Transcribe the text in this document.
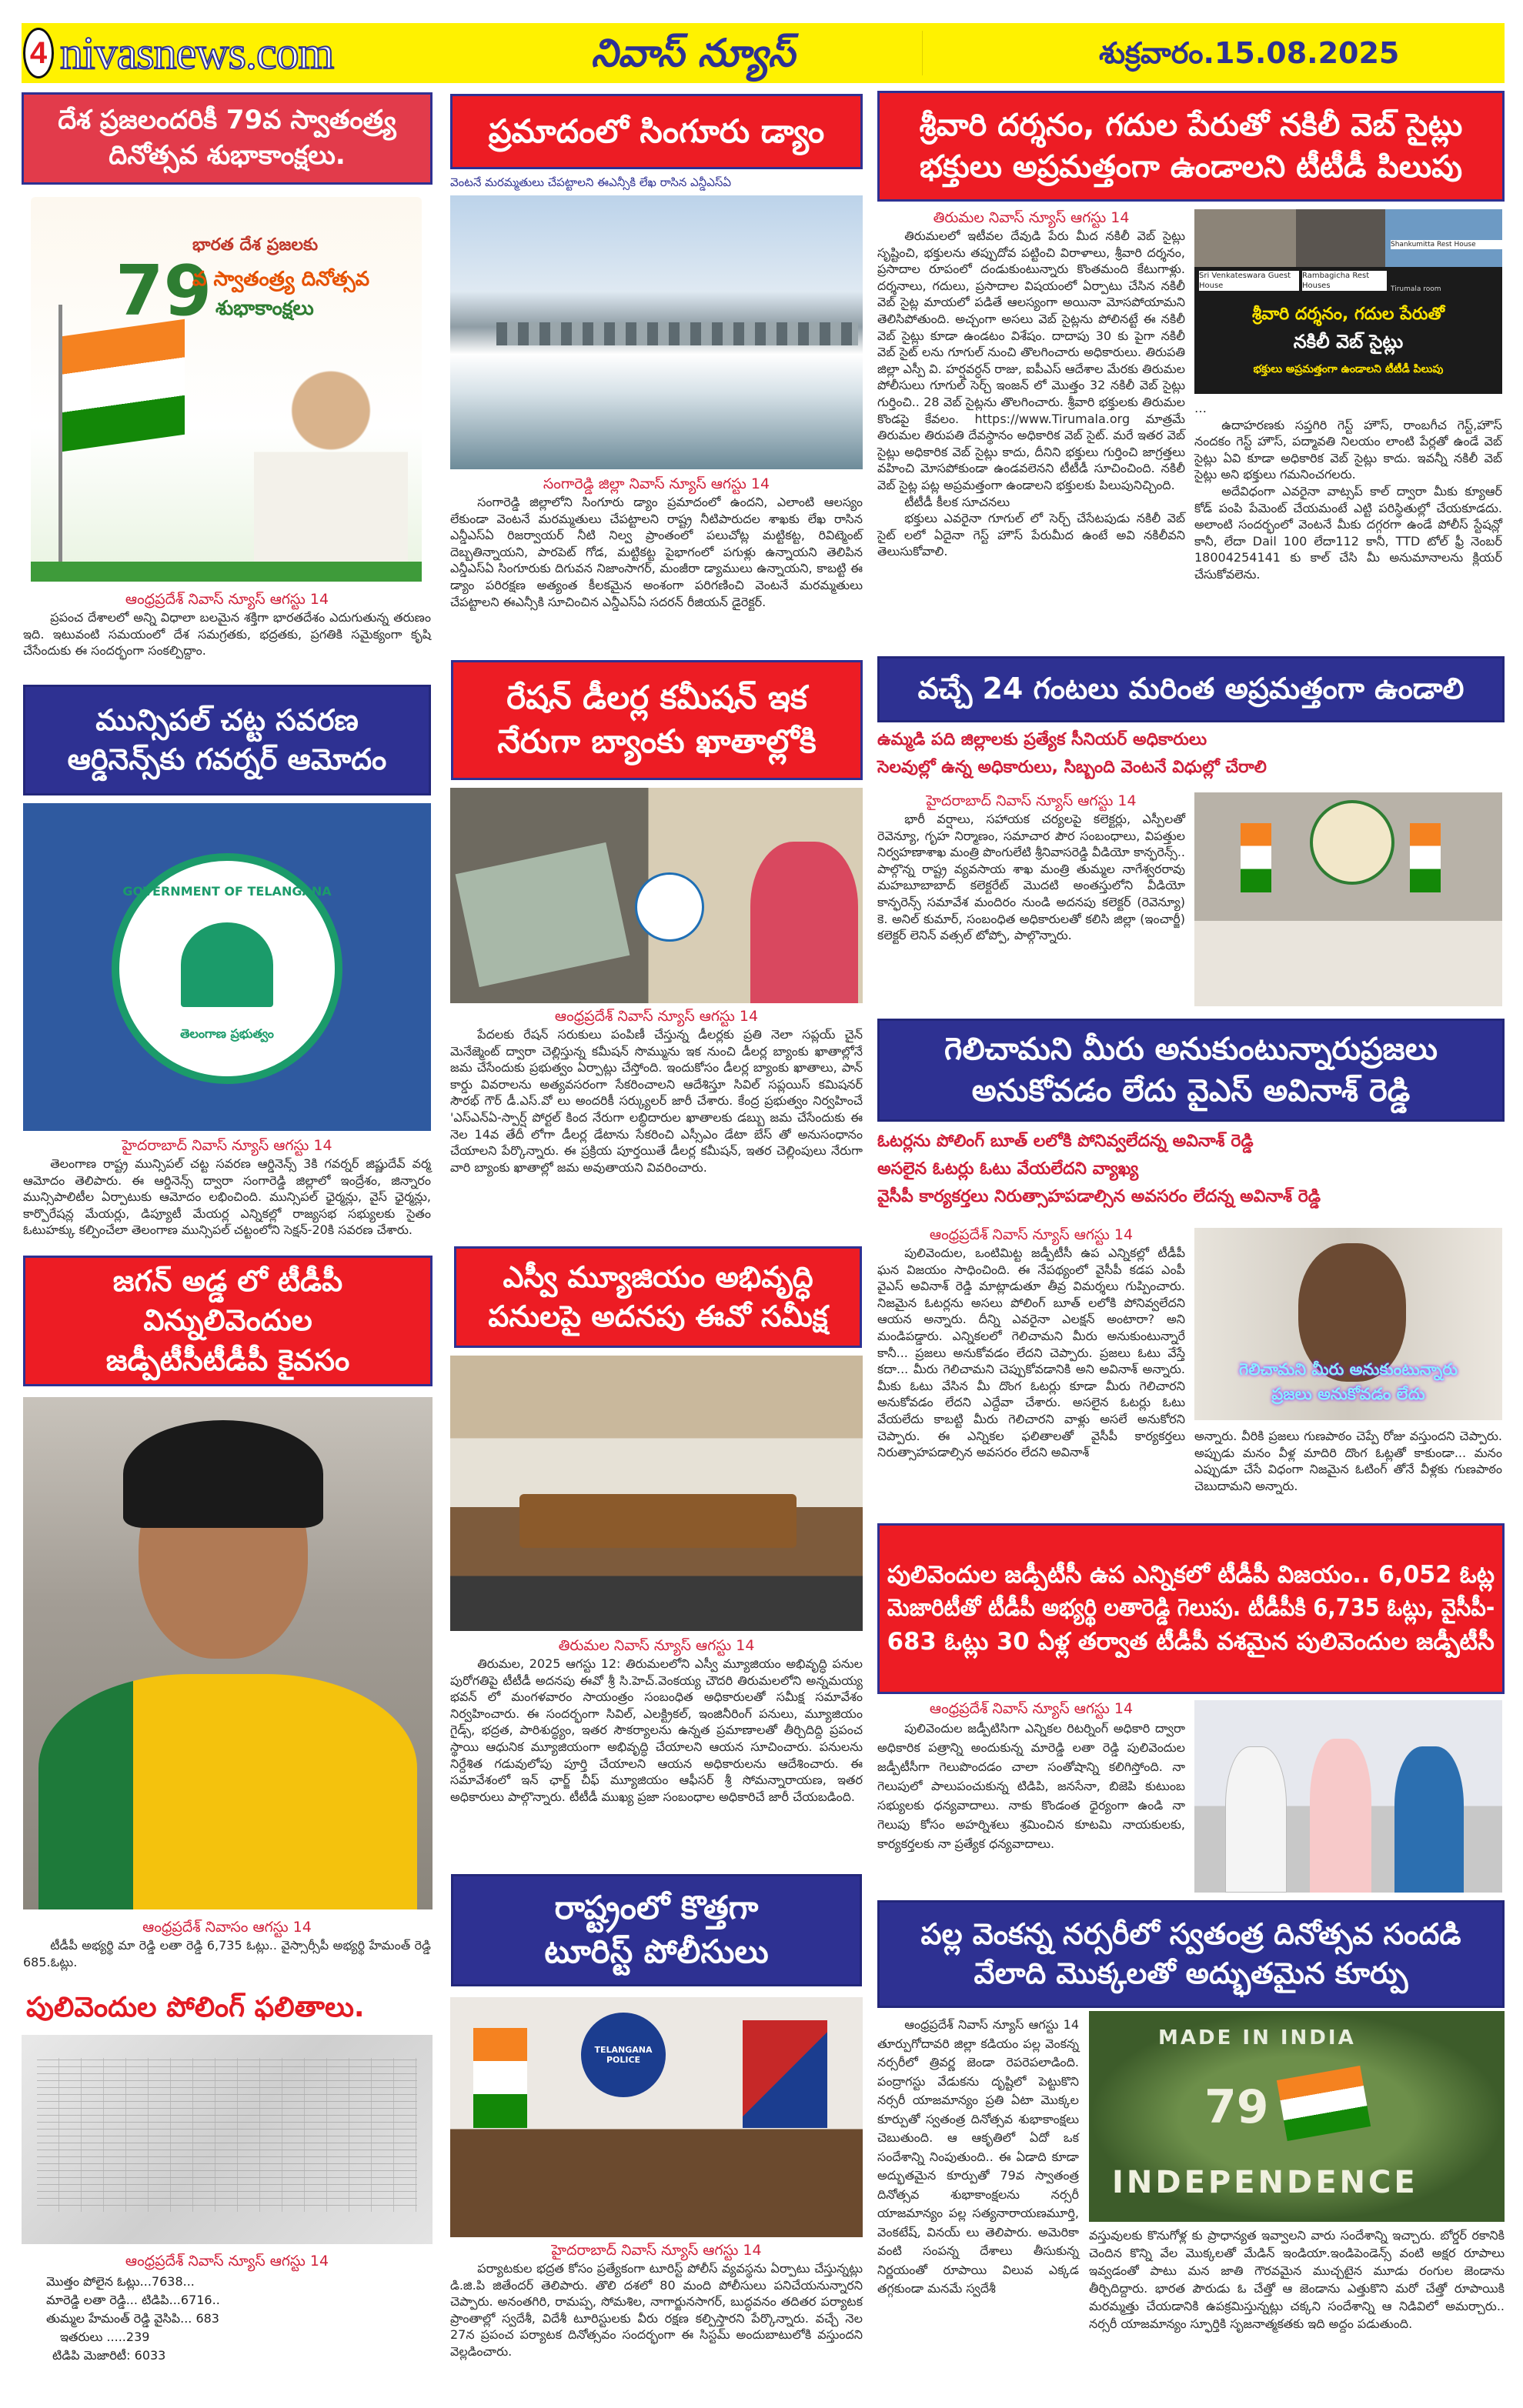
4 nivasnews.com	నివాస్ న్యూస్	శుక్రవారం.15.08.2025
దేశ ప్రజలందరికీ 79వ స్వాతంత్ర్య దినోత్సవ శుభాకాంక్షలు.
భారత దేశ ప్రజలకు
79
వ స్వాతంత్ర్య దినోత్సవ
శుభాకాంక్షలు
ఆంధ్రప్రదేశ్ నివాస్ న్యూస్ ఆగస్టు 14

ప్రపంచ దేశాలలో అన్ని విధాలా బలమైన శక్తిగా భారతదేశం ఎదుగుతున్న తరుణం ఇది. ఇటువంటి సమయంలో దేశ సమగ్రతకు, భద్రతకు, ప్రగతికి సమైక్యంగా కృషి చేసేందుకు ఈ సందర్భంగా సంకల్పిద్దాం.

మున్సిపల్ చట్ట సవరణ
ఆర్డినెన్స్‌కు గవర్నర్ ఆమోదం
GOVERNMENT OF TELANGANA
తెలంగాణ ప్రభుత్వం
హైదరాబాద్ నివాస్ న్యూస్ ఆగస్టు 14

తెలంగాణ రాష్ట్ర మున్సిపల్ చట్ట సవరణ ఆర్డినెన్స్ 3కి గవర్నర్ జిష్ణుదేవ్ వర్మ ఆమోదం తెలిపారు. ఈ ఆర్డినెన్స్ ద్వారా సంగారెడ్డి జిల్లాలో ఇంద్రేశం, జిన్నారం మున్సిపాలిటీల ఏర్పాటుకు ఆమోదం లభించింది. మున్సిపల్ ఛైర్మన్లు, వైస్ ఛైర్మన్లు, కార్పొరేషన్ల మేయర్లు, డిప్యూటీ మేయర్ల ఎన్నికల్లో రాజ్యసభ సభ్యులకు సైతం ఓటుహక్కు కల్పించేలా తెలంగాణ మున్సిపల్ చట్టంలోని సెక్షన్-20కి సవరణ చేశారు.

జగన్ అడ్డ లో టీడీపీ విన్నులివెందుల
జడ్పీటీసీటీడీపీ కైవసం
ఆంధ్రప్రదేశ్ నివాసం ఆగస్టు 14

టీడీపీ అభ్యర్థి మా రెడ్డి లతా రెడ్డి 6,735 ఓట్లు.. వైస్సార్సీపీ అభ్యర్థి హేమంత్ రెడ్డి 685.ఓట్లు.

పులివెందుల పోలింగ్ ఫలితాలు.
ఆంధ్రప్రదేశ్ నివాస్ న్యూస్ ఆగస్టు 14
మొత్తం పోలైన ఓట్లు...7638...
మారెడ్డి లతా రెడ్డి... టిడిపి...6716..
తుమ్మల హేమంత్ రెడ్డి వైసిపి... 683
ఇతరులు .....239
టిడిపి మెజారిటీ: 6033
ప్రమాదంలో సింగూరు డ్యాం
వెంటనే మరమ్మతులు చేపట్టాలని ఈఎన్సీకి లేఖ రాసిన ఎన్డీఎస్ఏ
సంగారెడ్డి జిల్లా నివాస్ న్యూస్ ఆగస్టు 14

సంగారెడ్డి జిల్లాలోని సింగూరు డ్యాం ప్రమాదంలో ఉందని, ఎలాంటి ఆలస్యం లేకుండా వెంటనే మరమ్మతులు చేపట్టాలని రాష్ట్ర నీటిపారుదల శాఖకు లేఖ రాసిన ఎన్డీఎస్ఏ రిజర్వాయర్ నీటి నిల్వ ప్రాంతంలో పలుచోట్ల మట్టికట్ట, రివిట్మెంట్ దెబ్బతిన్నాయని, పారపెట్ గోడ, మట్టికట్ట పైభాగంలో పగుళ్లు ఉన్నాయని తెలిపిన ఎన్డీఎస్ఏ సింగూరుకు దిగువన నిజాంసాగర్, మంజీరా డ్యాములు ఉన్నాయని, కాబట్టి ఈ డ్యాం పరిరక్షణ అత్యంత కీలకమైన అంశంగా పరిగణించి వెంటనే మరమ్మతులు చేపట్టాలని ఈఎన్సీకి సూచించిన ఎన్డీఎస్ఏ సదరన్ రీజియన్ డైరెక్టర్.

రేషన్ డీలర్ల కమీషన్ ఇక
నేరుగా బ్యాంకు ఖాతాల్లోకి
ఆంధ్రప్రదేశ్ నివాస్ న్యూస్ ఆగస్టు 14

పేదలకు రేషన్ సరుకులు పంపిణీ చేస్తున్న డీలర్లకు ప్రతి నెలా సప్లయ్ చైన్ మెనేజ్మెంట్ ద్వారా చెల్లిస్తున్న కమీషన్ సొమ్మును ఇక నుంచి డీలర్ల బ్యాంకు ఖాతాల్లోనే జమ చేసేందుకు ప్రభుత్వం ఏర్పాట్లు చేస్తోంది. ఇందుకోసం డీలర్ల బ్యాంకు ఖాతాలు, పాన్ కార్డు వివరాలను అత్యవసరంగా సేకరించాలని ఆదేశిస్తూ సివిల్ సప్లయిస్ కమిషనర్ సౌరభ్ గౌర్ డీ.ఎస్.వో లు అందరికీ సర్క్యులర్ జారీ చేశారు. కేంద్ర ప్రభుత్వం నిర్వహించే 'ఎస్ఎన్ఏ-స్పార్ష్ పోర్టల్ కింద నేరుగా లబ్ధిదారుల ఖాతాలకు డబ్బు జమ చేసేందుకు ఈ నెల 14వ తేదీ లోగా డీలర్ల డేటాను సేకరించి ఎస్సీఎం డేటా బేస్ తో అనుసంధానం చేయాలని పేర్కొన్నారు. ఈ ప్రక్రియ పూర్తయితే డీలర్ల కమీషన్, ఇతర చెల్లింపులు నేరుగా వారి బ్యాంకు ఖాతాల్లో జమ అవుతాయని వివరించారు.

ఎస్వీ మ్యూజియం అభివృద్ధి
పనులపై అదనపు ఈవో సమీక్ష
తిరుమల నివాస్ న్యూస్ ఆగస్టు 14

తిరుమల, 2025 ఆగస్టు 12: తిరుమలలోని ఎస్వీ మ్యూజియం అభివృద్ధి పనుల పురోగతిపై టీటీడీ అదనపు ఈవో శ్రీ సి.హెచ్.వెంకయ్య చౌదరి తిరుమలలోని అన్నమయ్య భవన్ లో మంగళవారం సాయంత్రం సంబంధిత అధికారులతో సమీక్ష సమావేశం నిర్వహించారు. ఈ సందర్భంగా సివిల్, ఎలక్ట్రికల్, ఇంజినీరింగ్ పనులు, మ్యూజియం గైడ్స్, భద్రత, పారిశుద్ధ్యం, ఇతర సౌకర్యాలను ఉన్నత ప్రమాణాలతో తీర్చిదిద్ది ప్రపంచ స్థాయి ఆధునిక మ్యూజియంగా అభివృద్ధి చేయాలని ఆయన సూచించారు. పనులను నిర్దేశిత గడువులోపు పూర్తి చేయాలని ఆయన అధికారులను ఆదేశించారు. ఈ సమావేశంలో ఇన్ ఛార్జ్ చీఫ్ మ్యూజియం ఆఫీసర్ శ్రీ సోమన్నారాయణ, ఇతర అధికారులు పాల్గొన్నారు. టీటీడీ ముఖ్య ప్రజా సంబంధాల అధికారిచే జారీ చేయబడింది.

రాష్ట్రంలో కొత్తగా
టూరిస్ట్ పోలీసులు
TELANGANA POLICE
హైదరాబాద్ నివాస్ న్యూస్ ఆగస్టు 14

పర్యాటకుల భద్రత కోసం ప్రత్యేకంగా టూరిస్ట్ పోలీస్ వ్యవస్థను ఏర్పాటు చేస్తున్నట్లు డి.జి.పి జితేందర్ తెలిపారు. తొలి దశలో 80 మంది పోలీసులు పనిచేయనున్నారని చెప్పారు. అనంతగిరి, రామప్ప, సోమశిల, నాగార్జునసాగర్, బుద్ధవనం తదితర పర్యాటక ప్రాంతాల్లో స్వదేశీ, విదేశీ టూరిస్టులకు వీరు రక్షణ కల్పిస్తారని పేర్కొన్నారు. వచ్చే నెల 27న ప్రపంచ పర్యాటక దినోత్సవం సందర్భంగా ఈ సిస్టమ్ అందుబాటులోకి వస్తుందని వెల్లడించారు.

శ్రీవారి దర్శనం, గదుల పేరుతో నకిలీ వెబ్ సైట్లు
భక్తులు అప్రమత్తంగా ఉండాలని టీటీడీ పిలుపు
తిరుమల నివాస్ న్యూస్ ఆగస్టు 14

తిరుమలలో ఇటీవల దేవుడి పేరు మీద నకిలీ వెబ్ సైట్లు సృష్టించి, భక్తులను తప్పుదోవ పట్టించి విరాళాలు, శ్రీవారి దర్శనం, ప్రసాదాల రూపంలో దండుకుంటున్నారు కొంతమంది కేటుగాళ్లు. దర్శనాలు, గదులు, ప్రసాదాల విషయంలో ఏర్పాటు చేసిన నకిలీ వెబ్ సైట్ల మాయలో పడితే ఆలస్యంగా అయినా మోసపోయామని తెలిసిపోతుంది. అచ్చంగా అసలు వెబ్ సైట్లను పోలినట్టే ఈ నకిలీ వెబ్ సైట్లు కూడా ఉండటం విశేషం. దాదాపు 30 కు పైగా నకిలీ వెబ్ సైట్ లను గూగుల్ నుంచి తొలగించారు అధికారులు. తిరుపతి జిల్లా ఎస్పీ వి. హర్షవర్ధన్ రాజు, ఐపీఎస్ ఆదేశాల మేరకు తిరుమల పోలీసులు గూగుల్ సెర్చ్ ఇంజన్ లో మొత్తం 32 నకిలీ వెబ్ సైట్లు గుర్తించి.. 28 వెబ్ సైట్లను తొలగించారు. శ్రీవారి భక్తులకు తిరుమల కొండపై కేవలం. https://www.Tirumala.org మాత్రమే తిరుమల తిరుపతి దేవస్థానం అధికారిక వెబ్ సైట్. మరే ఇతర వెబ్ సైట్లు అధికారిక వెబ్ సైట్లు కాదు, దీనిని భక్తులు గుర్తించి జాగ్రత్తలు వహించి మోసపోకుండా ఉండవలెనని టీటీడీ సూచించింది. నకిలీ వెబ్ సైట్ల పట్ల అప్రమత్తంగా ఉండాలని భక్తులకు పిలుపునిచ్చింది.

టీటీడీ కీలక సూచనలు

భక్తులు ఎవరైనా గూగుల్ లో సెర్చ్ చేసేటపుడు నకిలీ వెబ్ సైట్ లలో ఏదైనా గెస్ట్ హౌస్ పేరుమీద ఉంటే అవి నకిలీవని తెలుసుకోవాలి.

Sri Venkateswara Guest House
Rambagicha Rest Houses
Shankumitta Rest House
Tirumala room
శ్రీవారి దర్శనం, గదుల పేరుతో
నకిలీ వెబ్ సైట్లు
భక్తులు అప్రమత్తంగా ఉండాలని టీటీడీ పిలుపు

…

ఉదాహరణకు సప్తగిరి గెస్ట్ హౌస్, రాంబగీచ గెస్ట్,హౌస్ నందకం గెస్ట్ హౌస్, పద్మావతి నిలయం లాంటి పేర్లతో ఉండే వెబ్ సైట్లు ఏవి కూడా అధికారిక వెబ్ సైట్లు కాదు. ఇవన్నీ నకిలీ వెబ్ సైట్లు అని భక్తులు గమనించగలరు.

అదేవిధంగా ఎవరైనా వాట్సప్ కాల్ ద్వారా మీకు క్యూఆర్ కోడ్ పంపి పేమెంట్ చేయమంటే ఎట్టి పరిస్థితుల్లో చేయకూడదు. అలాంటి సందర్భంలో వెంటనే మీకు దగ్గరగా ఉండే పోలీస్ స్టేషన్లో కానీ, లేదా Dail 100 లేదా112 కానీ, TTD టోల్ ఫ్రీ నెంబర్ 18004254141 కు కాల్ చేసి మీ అనుమానాలను క్లియర్ చేసుకోవలెను.

వచ్చే 24 గంటలు మరింత అప్రమత్తంగా ఉండాలి
ఉమ్మడి పది జిల్లాలకు ప్రత్యేక సీనియర్ అధికారులు
సెలవుల్లో ఉన్న అధికారులు, సిబ్బంది వెంటనే విధుల్లో చేరాలి
హైదరాబాద్ నివాస్ న్యూస్ ఆగస్టు 14

భారీ వర్షాలు, సహాయక చర్యలపై కలెక్టర్లు, ఎస్పీలతో రెవెన్యూ, గృహ నిర్మాణం, సమాచార పౌర సంబంధాలు, విపత్తుల నిర్వహణాశాఖ మంత్రి పొంగులేటి శ్రీనివాసరెడ్డి వీడియో కాన్ఫరెన్స్.. పాల్గొన్న రాష్ట్ర వ్యవసాయ శాఖ మంత్రి తుమ్మల నాగేశ్వరరావు మహబూబాబాద్ కలెక్టరేట్ మొదటి అంతస్తులోని వీడియో కాన్ఫరెన్స్ సమావేశ మందిరం నుండి అదనపు కలెక్టర్ (రెవెన్యూ) కె. అనిల్ కుమార్, సంబంధిత అధికారులతో కలిసి జిల్లా (ఇంచార్జీ) కలెక్టర్ లెనిన్ వత్సల్ టోప్పో, పాల్గొన్నారు.

గెలిచామని మీరు అనుకుంటున్నారుప్రజలు
అనుకోవడం లేదు వైఎస్ అవినాశ్ రెడ్డి
ఓటర్లను పోలింగ్ బూత్ లలోకి పోనివ్వలేదన్న అవినాశ్ రెడ్డి
అసలైన ఓటర్లు ఓటు వేయలేదని వ్యాఖ్య
వైసీపీ కార్యకర్తలు నిరుత్సాహపడాల్సిన అవసరం లేదన్న అవినాశ్ రెడ్డి
ఆంధ్రప్రదేశ్ నివాస్ న్యూస్ ఆగస్టు 14

పులివెందుల, ఒంటిమిట్ట జడ్పీటీసీ ఉప ఎన్నికల్లో టీడీపీ ఘన విజయం సాధించింది. ఈ నేపథ్యంలో వైసీపీ కడప ఎంపీ వైఎస్ అవినాశ్ రెడ్డి మాట్లాడుతూ తీవ్ర విమర్శలు గుప్పించారు. నిజమైన ఓటర్లను అసలు పోలింగ్ బూత్ లలోకి పోనివ్వలేదని ఆయన అన్నారు. దీన్ని ఎవరైనా ఎలక్షన్ అంటారా? అని మండిపడ్డారు. ఎన్నికలలో గెలిచామని మీరు అనుకుంటున్నారే కానీ... ప్రజలు అనుకోవడం లేదని చెప్పారు. ప్రజలు ఓటు వేస్తే కదా... మీరు గెలిచామని చెప్పుకోవడానికి అని అవినాశ్ అన్నారు. మీకు ఓటు వేసిన మీ దొంగ ఓటర్లు కూడా మీరు గెలిచారని అనుకోవడం లేదని ఎద్దేవా చేశారు. అసలైన ఓటర్లు ఓటు వేయలేదు కాబట్టి మీరు గెలిచారని వాళ్లు అసలే అనుకోరని చెప్పారు. ఈ ఎన్నికల ఫలితాలతో వైసీపీ కార్యకర్తలు నిరుత్సాహపడాల్సిన అవసరం లేదని అవినాశ్

గెలిచామని మీరు అనుకుంటున్నారు
ప్రజలు అనుకోవడం లేదు

అన్నారు. వీరికి ప్రజలు గుణపాఠం చెప్పే రోజు వస్తుందని చెప్పారు. అప్పుడు మనం వీళ్ల మాదిరి దొంగ ఓట్లతో కాకుండా... మనం ఎప్పుడూ చేసే విధంగా నిజమైన ఓటింగ్ తోనే వీళ్లకు గుణపాఠం చెబుదామని అన్నారు.

పులివెందుల జడ్పీటీసీ ఉప ఎన్నికలో టీడీపీ విజయం.. 6,052 ఓట్ల
మెజారిటీతో టీడీపీ అభ్యర్థి లతారెడ్డి గెలుపు. టీడీపీకి 6,735 ఓట్లు, వైసీపీ-
683 ఓట్లు 30 ఏళ్ల తర్వాత టీడీపీ వశమైన పులివెందుల జడ్పీటీసీ
ఆంధ్రప్రదేశ్ నివాస్ న్యూస్ ఆగస్టు 14

పులివెందుల జడ్పీటిసిగా ఎన్నికల రిటర్నింగ్ అధికారి ద్వారా అధికారిక పత్రాన్ని అందుకున్న మారెడ్డి లతా రెడ్డి పులివెందుల జడ్పీటీసీగా గెలుపొందడం చాలా సంతోషాన్ని కలిగిస్తోంది. నా గెలుపులో పాలుపంచుకున్న టిడిపి, జనసేనా, బిజెపి కుటుంబ సభ్యులకు ధన్యవాదాలు. నాకు కొండంత ధైర్యంగా ఉండి నా గెలుపు కోసం అహర్నిశలు శ్రమించిన కూటమి నాయకులకు, కార్యకర్తలకు నా ప్రత్యేక ధన్యవాదాలు.

పల్ల వెంకన్న నర్సరీలో స్వతంత్ర దినోత్సవ సందడి
వేలాది మొక్కలతో అద్భుతమైన కూర్పు

ఆంధ్రప్రదేశ్ నివాస్ న్యూస్ ఆగస్టు 14 తూర్పుగోదావరి జిల్లా కడియం పల్ల వెంకన్న నర్సరీలో త్రివర్ణ జెండా రెపరెపలాడింది. పంద్రాగస్టు వేడుకను దృష్టిలో పెట్టుకొని నర్సరీ యాజమాన్యం ప్రతి ఏటా మొక్కల కూర్పుతో స్వతంత్ర దినోత్సవ శుభాకాంక్షలు చెబుతుంది. ఆ ఆకృతిలో ఏదో ఒక సందేశాన్ని నింపుతుంది.. ఈ ఏడాది కూడా అద్భుతమైన కూర్పుతో 79వ స్వాతంత్ర దినోత్సవ శుభాకాంక్షలను నర్సరీ యాజమాన్యం పల్ల సత్యనారాయణమూర్తి, వెంకటేష్, వినయ్ లు తెలిపారు. అమెరికా వంటి సంపన్న దేశాలు తీసుకున్న నిర్ణయంతో రూపాయి విలువ ఎక్కడ తగ్గకుండా మనమే స్వదేశీ

MADE IN INDIA
79
INDEPENDENCE

వస్తువులకు కొనుగోళ్ల కు ప్రాధాన్యత ఇవ్వాలని వారు సందేశాన్ని ఇచ్చారు. బోర్డర్ రకానికి చెందిన కొన్ని వేల మొక్కలతో మేడిన్ ఇండియా.ఇండిపెండెన్స్ వంటి అక్షర రూపాలు ఇవ్వడంతో పాటు మన జాతి గౌరవమైన ముచ్చటైన మూడు రంగుల జెండాను తీర్చిదిద్దారు. భారత పౌరుడు ఓ చేత్తో ఆ జెండాను ఎత్తుకొని మరో చేత్తో రూపాయికి మరమ్మత్తు చేయడానికి ఉపక్రమిస్తున్నట్లు చక్కని సందేశాన్ని ఆ నిడివిలో అమర్చారు.. నర్సరీ యాజమాన్యం స్ఫూర్తికి సృజనాత్మకతకు ఇది అద్దం పడుతుంది.
